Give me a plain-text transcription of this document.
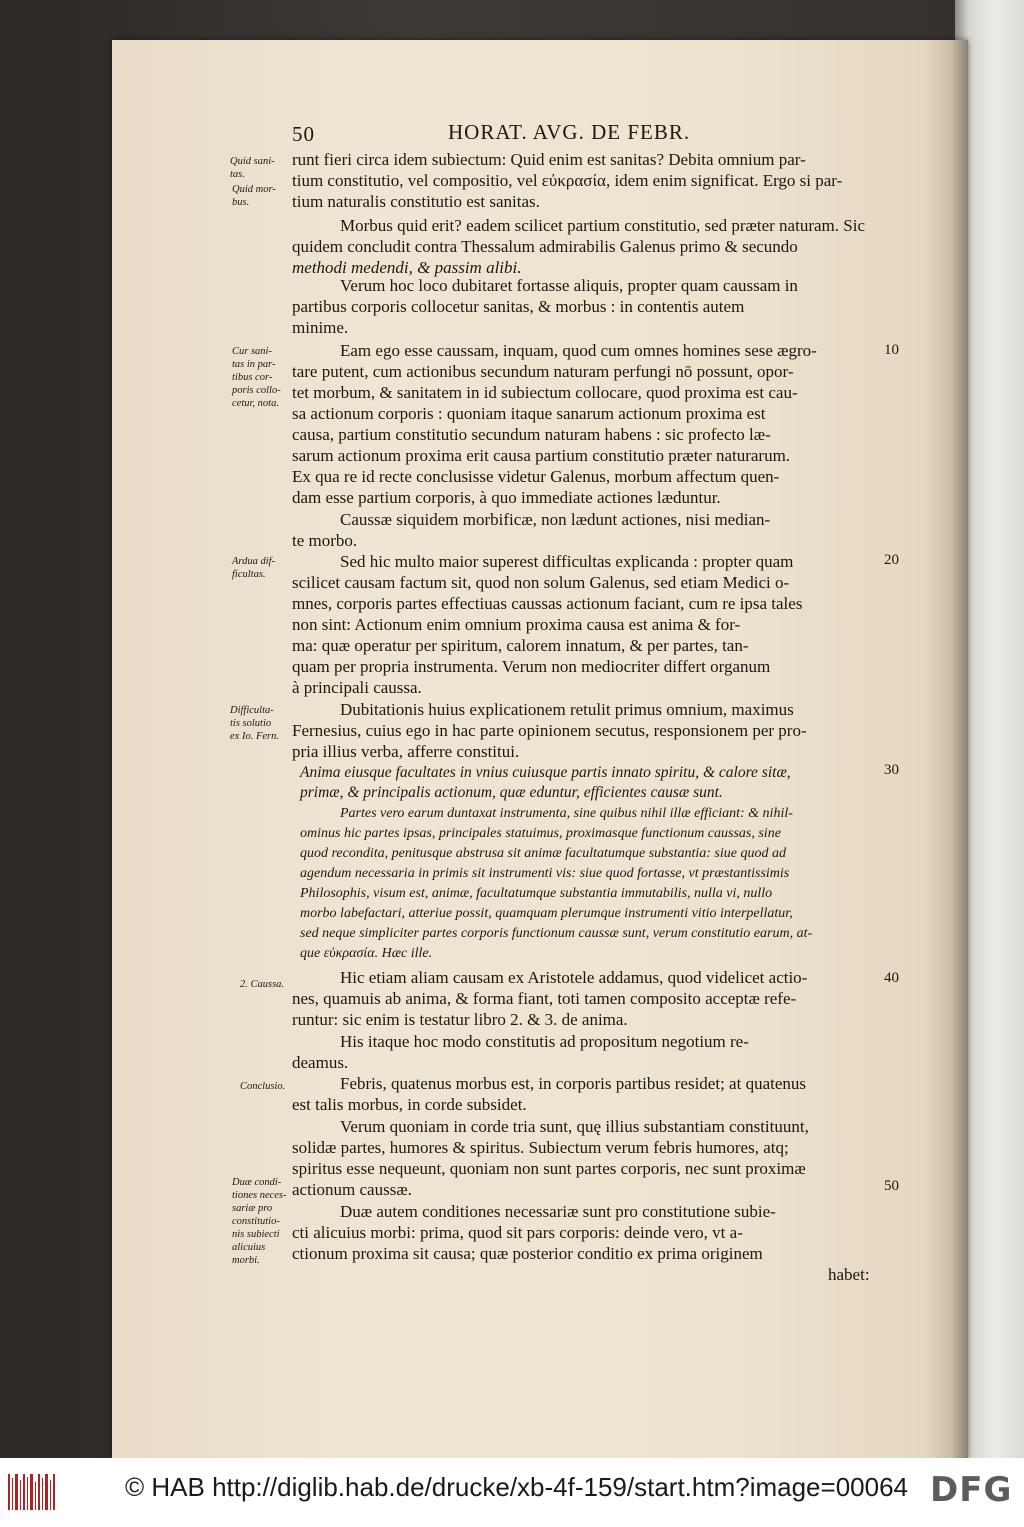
50	HORAT. AVG. DE FEBR.
Quid sani-
tas.
Quid mor-
bus.
Cur sani-
tas in par-
tibus cor-
poris collo-
cetur, nota.
Ardua dif-
ficultas.
Difficulta-
tis solutio
ex Io. Fern.
2. Caussa.
Conclusio.
Duæ condi-
tiones neces-
sariæ pro
constitutio-
nis subiecti
alicuius
morbi.
10
20
30
40
50
runt fieri circa idem subiectum: Quid enim est sanitas? Debita omnium par-
tium constitutio, vel compositio, vel εὐκρασία, idem enim significat. Ergo si par-
tium naturalis constitutio est sanitas.
Morbus quid erit? eadem scilicet partium constitutio, sed præter naturam. Sic
quidem concludit contra Thessalum admirabilis Galenus primo & secundo
methodi medendi, & passim alibi.
Verum hoc loco dubitaret fortasse aliquis, propter quam caussam in
partibus corporis collocetur sanitas, & morbus : in contentis autem
minime.
Eam ego esse caussam, inquam, quod cum omnes homines sese ægro-
tare putent, cum actionibus secundum naturam perfungi nō possunt, opor-
tet morbum, & sanitatem in id subiectum collocare, quod proxima est cau-
sa actionum corporis : quoniam itaque sanarum actionum proxima est
causa, partium constitutio secundum naturam habens : sic profecto læ-
sarum actionum proxima erit causa partium constitutio præter naturarum.
Ex qua re id recte conclusisse videtur Galenus, morbum affectum quen-
dam esse partium corporis, à quo immediate actiones læduntur.
Caussæ siquidem morbificæ, non lædunt actiones, nisi median-
te morbo.
Sed hic multo maior superest difficultas explicanda : propter quam
scilicet causam factum sit, quod non solum Galenus, sed etiam Medici o-
mnes, corporis partes effectiuas caussas actionum faciant, cum re ipsa tales
non sint: Actionum enim omnium proxima causa est anima & for-
ma: quæ operatur per spiritum, calorem innatum, & per partes, tan-
quam per propria instrumenta. Verum non mediocriter differt organum
à principali caussa.
Dubitationis huius explicationem retulit primus omnium, maximus
Fernesius, cuius ego in hac parte opinionem secutus, responsionem per pro-
pria illius verba, afferre constitui.
Anima eiusque facultates in vnius cuiusque partis innato spiritu, & calore sitæ,
primæ, & principalis actionum, quæ eduntur, efficientes causæ sunt.
Partes vero earum duntaxat instrumenta, sine quibus nihil illæ efficiant: & nihil-
ominus hic partes ipsas, principales statuimus, proximasque functionum caussas, sine
quod recondita, penitusque abstrusa sit animæ facultatumque substantia: siue quod ad
agendum necessaria in primis sit instrumenti vis: siue quod fortasse, vt præstantissimis
Philosophis, visum est, animæ, facultatumque substantia immutabilis, nulla vi, nullo
morbo labefactari, atteriue possit, quamquam plerumque instrumenti vitio interpellatur,
sed neque simpliciter partes corporis functionum caussæ sunt, verum constitutio earum, at-
que εὐκρασία. Hæc ille.
Hic etiam aliam causam ex Aristotele addamus, quod videlicet actio-
nes, quamuis ab anima, & forma fiant, toti tamen composito acceptæ refe-
runtur: sic enim is testatur libro 2. & 3. de anima.
His itaque hoc modo constitutis ad propositum negotium re-
deamus.
Febris, quatenus morbus est, in corporis partibus residet; at quatenus
est talis morbus, in corde subsidet.
Verum quoniam in corde tria sunt, quę illius substantiam constituunt,
solidæ partes, humores & spiritus. Subiectum verum febris humores, atq;
spiritus esse nequeunt, quoniam non sunt partes corporis, nec sunt proximæ
actionum caussæ.
Duæ autem conditiones necessariæ sunt pro constitutione subie-
cti alicuius morbi: prima, quod sit pars corporis: deinde vero, vt a-
ctionum proxima sit causa; quæ posterior conditio ex prima originem
habet:
© HAB http://diglib.hab.de/drucke/xb-4f-159/start.htm?image=00064 DFG
